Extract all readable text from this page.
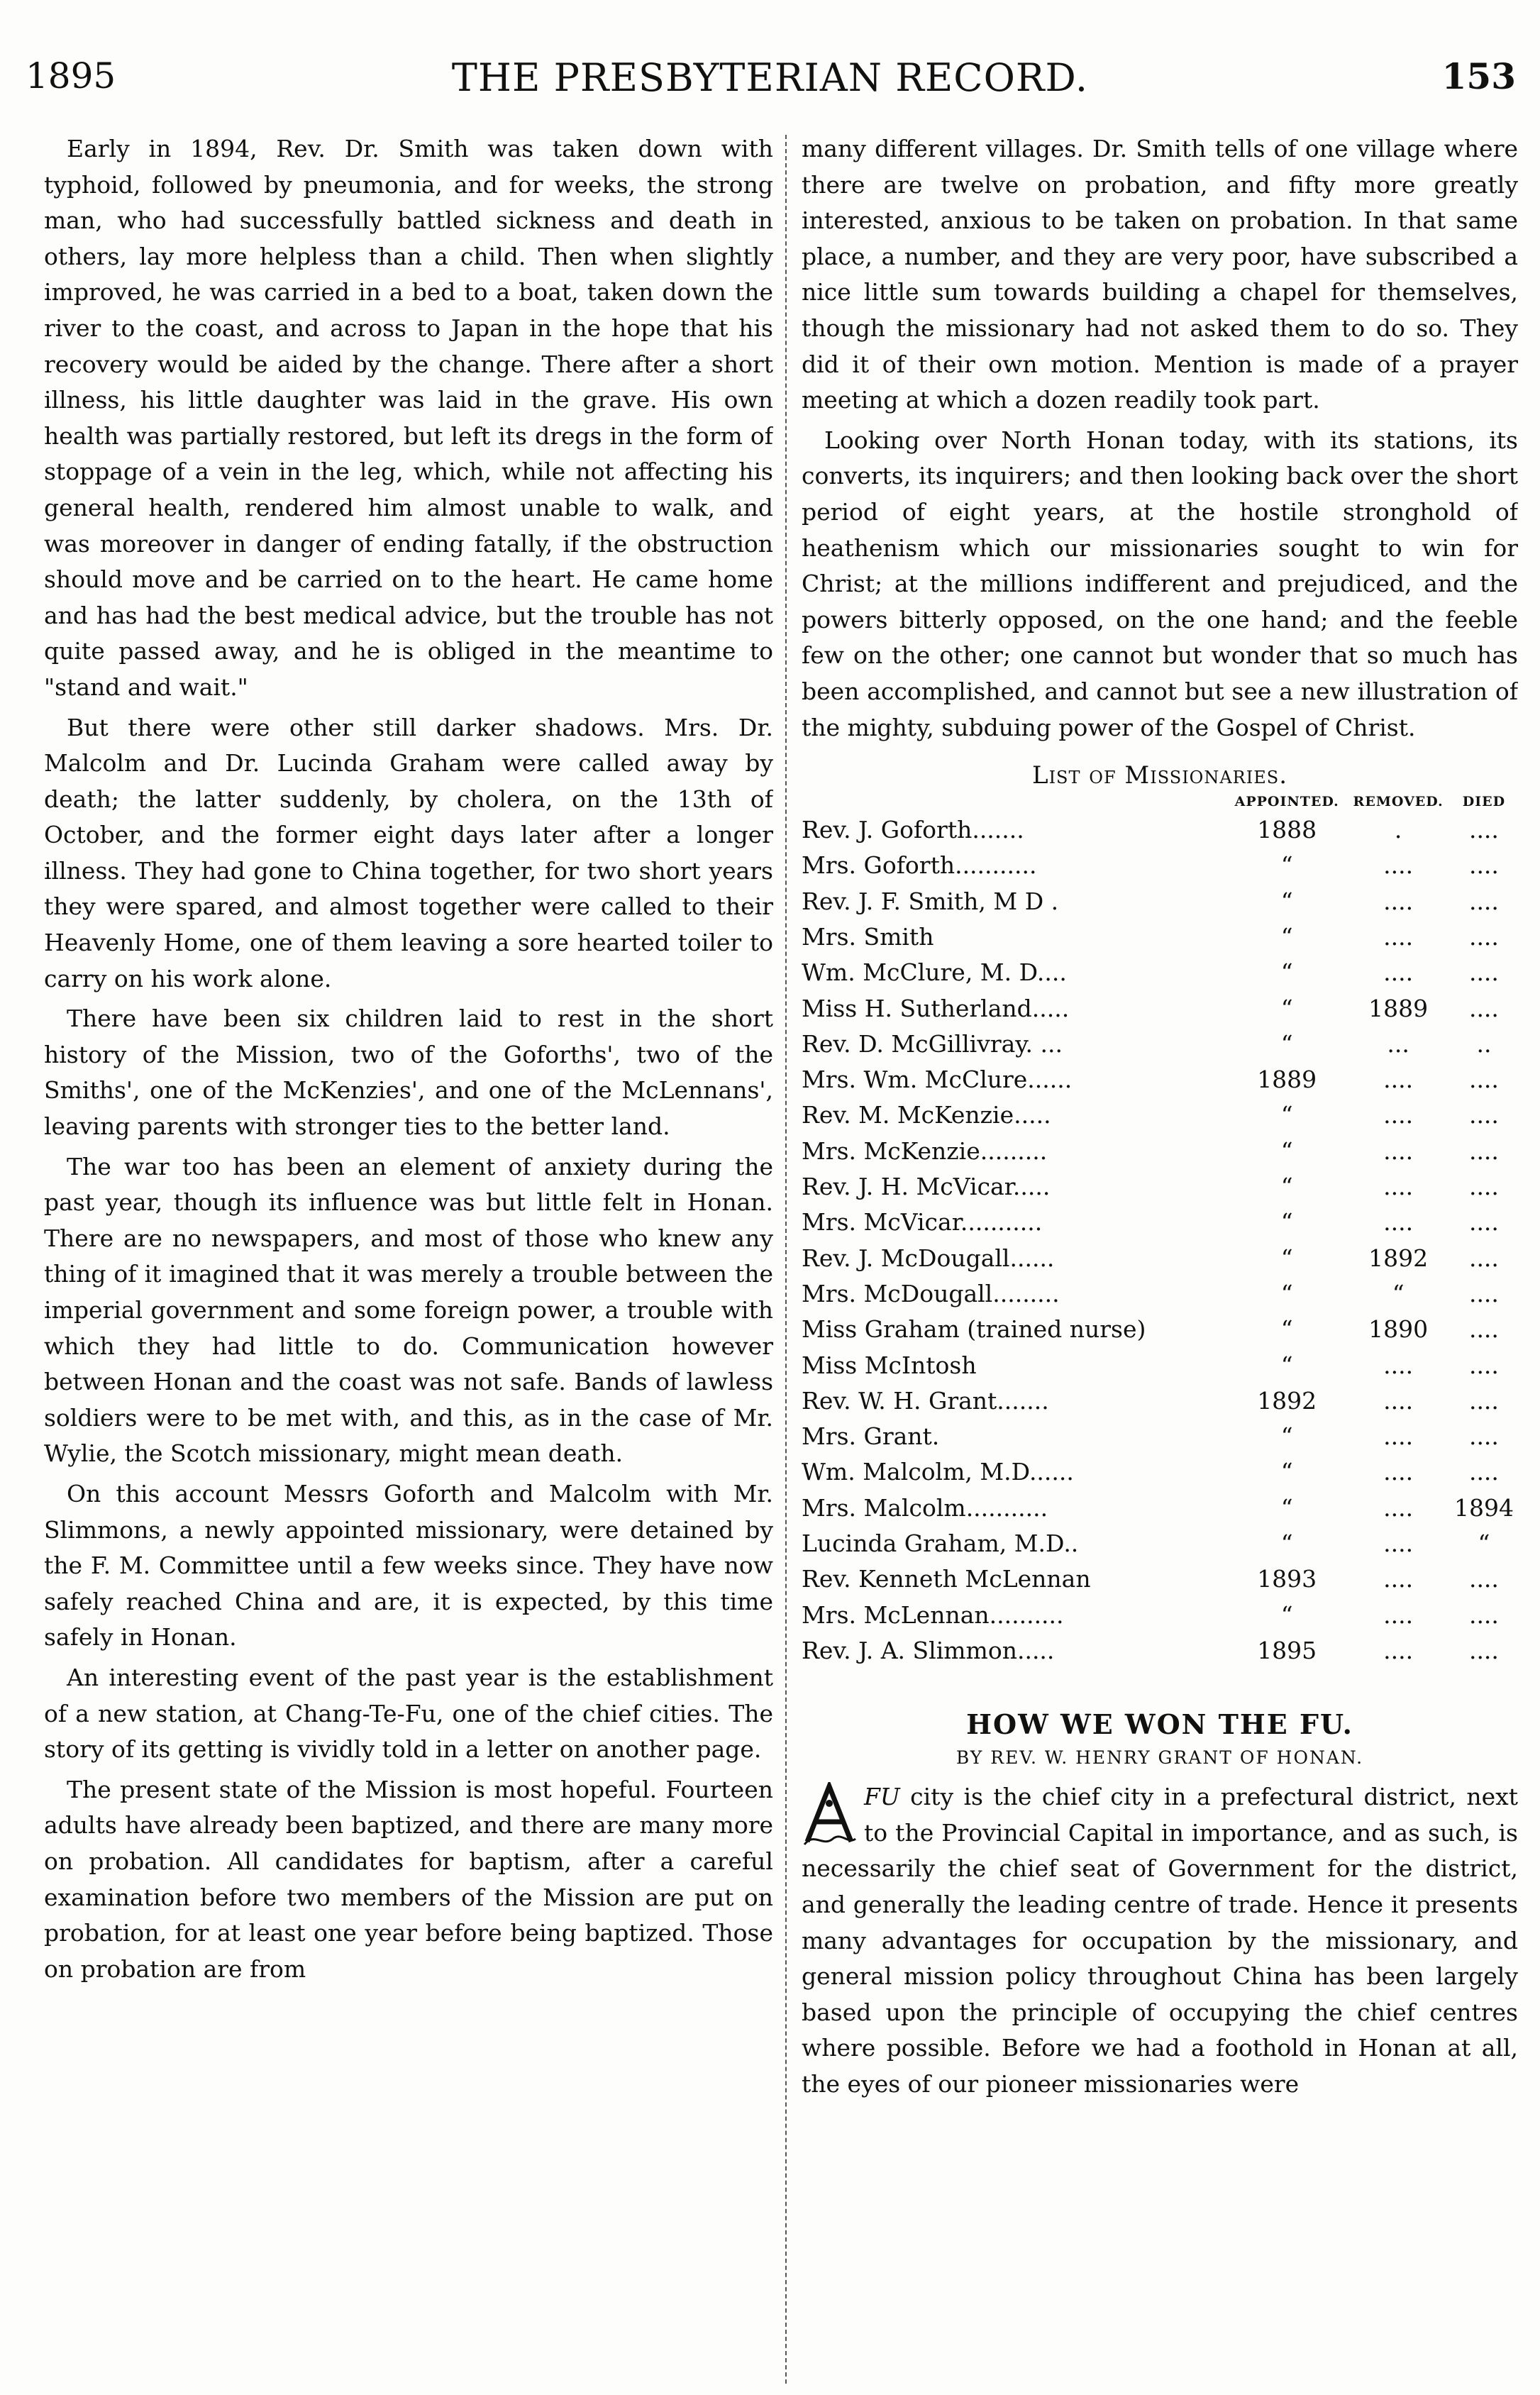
1895	THE PRESBYTERIAN RECORD.	153

Early in 1894, Rev. Dr. Smith was taken down with typhoid, followed by pneumonia, and for weeks, the strong man, who had successfully battled sickness and death in others, lay more helpless than a child. Then when slightly improved, he was carried in a bed to a boat, taken down the river to the coast, and across to Japan in the hope that his recovery would be aided by the change. There after a short illness, his little daughter was laid in the grave. His own health was partially restored, but left its dregs in the form of stoppage of a vein in the leg, which, while not affecting his general health, rendered him almost unable to walk, and was moreover in danger of ending fatally, if the obstruction should move and be carried on to the heart. He came home and has had the best medical advice, but the trouble has not quite passed away, and he is obliged in the meantime to "stand and wait."

But there were other still darker shadows. Mrs. Dr. Malcolm and Dr. Lucinda Graham were called away by death; the latter suddenly, by cholera, on the 13th of October, and the former eight days later after a longer illness. They had gone to China together, for two short years they were spared, and almost together were called to their Heavenly Home, one of them leaving a sore hearted toiler to carry on his work alone.

There have been six children laid to rest in the short history of the Mission, two of the Goforths', two of the Smiths', one of the McKenzies', and one of the McLennans', leaving parents with stronger ties to the better land.

The war too has been an element of anxiety during the past year, though its influence was but little felt in Honan. There are no newspapers, and most of those who knew any thing of it imagined that it was merely a trouble between the imperial government and some foreign power, a trouble with which they had little to do. Communication however between Honan and the coast was not safe. Bands of lawless soldiers were to be met with, and this, as in the case of Mr. Wylie, the Scotch missionary, might mean death.

On this account Messrs Goforth and Malcolm with Mr. Slimmons, a newly appointed missionary, were detained by the F. M. Committee until a few weeks since. They have now safely reached China and are, it is expected, by this time safely in Honan.

An interesting event of the past year is the establishment of a new station, at Chang-Te-Fu, one of the chief cities. The story of its getting is vividly told in a letter on another page.

The present state of the Mission is most hopeful. Fourteen adults have already been baptized, and there are many more on probation. All candidates for baptism, after a careful examination before two members of the Mission are put on probation, for at least one year before being baptized. Those on probation are from

many different villages. Dr. Smith tells of one village where there are twelve on probation, and fifty more greatly interested, anxious to be taken on probation. In that same place, a number, and they are very poor, have subscribed a nice little sum towards building a chapel for themselves, though the missionary had not asked them to do so. They did it of their own motion. Mention is made of a prayer meeting at which a dozen readily took part.

Looking over North Honan today, with its stations, its converts, its inquirers; and then looking back over the short period of eight years, at the hostile stronghold of heathenism which our missionaries sought to win for Christ; at the millions indifferent and prejudiced, and the powers bitterly opposed, on the one hand; and the feeble few on the other; one cannot but wonder that so much has been accomplished, and cannot but see a new illustration of the mighty, subduing power of the Gospel of Christ.

List of Missionaries.
	APPOINTED.	REMOVED.	DIED
Rev. J. Goforth.......	1888	.	....
Mrs. Goforth...........	“	....	....
Rev. J. F. Smith, M D .	“	....	....
Mrs. Smith	“	....	....
Wm. McClure, M. D....	“	....	....
Miss H. Sutherland.....	“	1889	....
Rev. D. McGillivray. ...	“	...	..
Mrs. Wm. McClure......	1889	....	....
Rev. M. McKenzie.....	“	....	....
Mrs. McKenzie.........	“	....	....
Rev. J. H. McVicar.....	“	....	....
Mrs. McVicar...........	“	....	....
Rev. J. McDougall......	“	1892	....
Mrs. McDougall.........	“	“	....
Miss Graham (trained nurse)	“	1890	....
Miss McIntosh	“	....	....
Rev. W. H. Grant.......	1892	....	....
Mrs. Grant.	“	....	....
Wm. Malcolm, M.D......	“	....	....
Mrs. Malcolm...........	“	....	1894
Lucinda Graham, M.D..	“	....	“
Rev. Kenneth McLennan	1893	....	....
Mrs. McLennan..........	“	....	....
Rev. J. A. Slimmon.....	1895	....	....
HOW WE WON THE FU.
BY REV. W. HENRY GRANT OF HONAN.

FU city is the chief city in a prefectural district, next to the Provincial Capital in importance, and as such, is necessarily the chief seat of Government for the district, and generally the leading centre of trade. Hence it presents many advantages for occupation by the missionary, and general mission policy throughout China has been largely based upon the principle of occupying the chief centres where possible. Before we had a foothold in Honan at all, the eyes of our pioneer missionaries were
